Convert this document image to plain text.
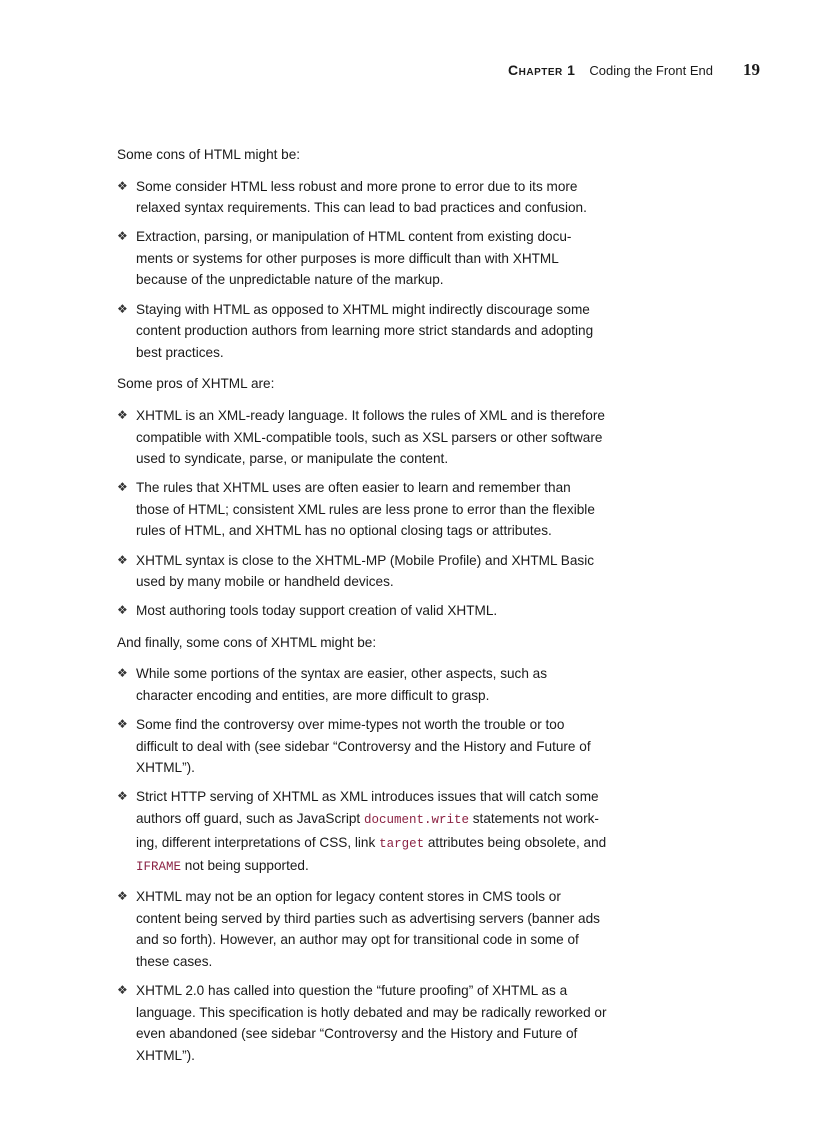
Chapter 1 Coding the Front End 19

Some cons of HTML might be:

❖ Some consider HTML less robust and more prone to error due to its more relaxed syntax requirements. This can lead to bad practices and confusion.
❖ Extraction, parsing, or manipulation of HTML content from existing docu- ments or systems for other purposes is more difficult than with XHTML because of the unpredictable nature of the markup.
❖ Staying with HTML as opposed to XHTML might indirectly discourage some content production authors from learning more strict standards and adopting best practices.

Some pros of XHTML are:

❖ XHTML is an XML-ready language. It follows the rules of XML and is therefore compatible with XML-compatible tools, such as XSL parsers or other software used to syndicate, parse, or manipulate the content.
❖ The rules that XHTML uses are often easier to learn and remember than those of HTML; consistent XML rules are less prone to error than the flexible rules of HTML, and XHTML has no optional closing tags or attributes.
❖ XHTML syntax is close to the XHTML-MP (Mobile Profile) and XHTML Basic used by many mobile or handheld devices.
❖ Most authoring tools today support creation of valid XHTML.

And finally, some cons of XHTML might be:

❖ While some portions of the syntax are easier, other aspects, such as character encoding and entities, are more difficult to grasp.
❖ Some find the controversy over mime-types not worth the trouble or too difficult to deal with (see sidebar “Controversy and the History and Future of XHTML”).
❖ Strict HTTP serving of XHTML as XML introduces issues that will catch some authors off guard, such as JavaScript document.write statements not work- ing, different interpretations of CSS, link target attributes being obsolete, and IFRAME not being supported.
❖ XHTML may not be an option for legacy content stores in CMS tools or content being served by third parties such as advertising servers (banner ads and so forth). However, an author may opt for transitional code in some of these cases.
❖ XHTML 2.0 has called into question the “future proofing” of XHTML as a language. This specification is hotly debated and may be radically reworked or even abandoned (see sidebar “Controversy and the History and Future of XHTML”).
